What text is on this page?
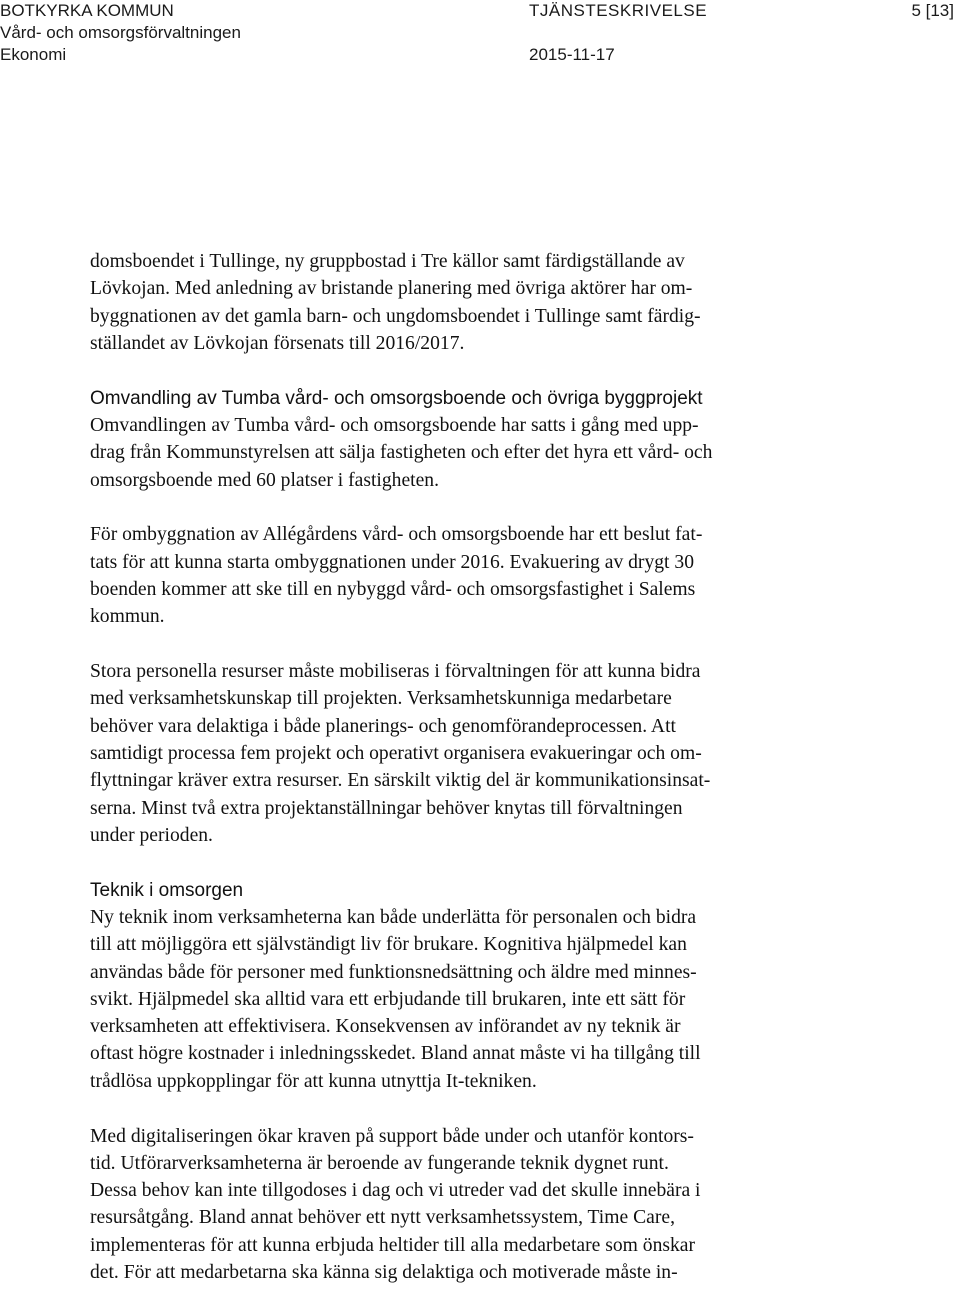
BOTKYRKA KOMMUN
Vård- och omsorgsförvaltningen
Ekonomi
TJÄNSTESKRIVELSE
2015-11-17
5 [13]
domsboendet i Tullinge, ny gruppbostad i Tre källor samt färdigställande av
Lövkojan. Med anledning av bristande planering med övriga aktörer har om-
byggnationen av det gamla barn- och ungdomsboendet i Tullinge samt färdig-
ställandet av Lövkojan försenats till 2016/2017.
Omvandling av Tumba vård- och omsorgsboende och övriga byggprojekt
Omvandlingen av Tumba vård- och omsorgsboende har satts i gång med upp-
drag från Kommunstyrelsen att sälja fastigheten och efter det hyra ett vård- och
omsorgsboende med 60 platser i fastigheten.
För ombyggnation av Allégårdens vård- och omsorgsboende har ett beslut fat-
tats för att kunna starta ombyggnationen under 2016. Evakuering av drygt 30
boenden kommer att ske till en nybyggd vård- och omsorgsfastighet i Salems
kommun.
Stora personella resurser måste mobiliseras i förvaltningen för att kunna bidra
med verksamhetskunskap till projekten. Verksamhetskunniga medarbetare
behöver vara delaktiga i både planerings- och genomförandeprocessen. Att
samtidigt processa fem projekt och operativt organisera evakueringar och om-
flyttningar kräver extra resurser. En särskilt viktig del är kommunikationsinsat-
serna. Minst två extra projektanställningar behöver knytas till förvaltningen
under perioden.
Teknik i omsorgen
Ny teknik inom verksamheterna kan både underlätta för personalen och bidra
till att möjliggöra ett självständigt liv för brukare. Kognitiva hjälpmedel kan
användas både för personer med funktionsnedsättning och äldre med minnes-
svikt. Hjälpmedel ska alltid vara ett erbjudande till brukaren, inte ett sätt för
verksamheten att effektivisera. Konsekvensen av införandet av ny teknik är
oftast högre kostnader i inledningsskedet. Bland annat måste vi ha tillgång till
trådlösa uppkopplingar för att kunna utnyttja It-tekniken.
Med digitaliseringen ökar kraven på support både under och utanför kontors-
tid. Utförarverksamheterna är beroende av fungerande teknik dygnet runt.
Dessa behov kan inte tillgodoses i dag och vi utreder vad det skulle innebära i
resursåtgång. Bland annat behöver ett nytt verksamhetssystem, Time Care,
implementeras för att kunna erbjuda heltider till alla medarbetare som önskar
det. För att medarbetarna ska känna sig delaktiga och motiverade måste in-
